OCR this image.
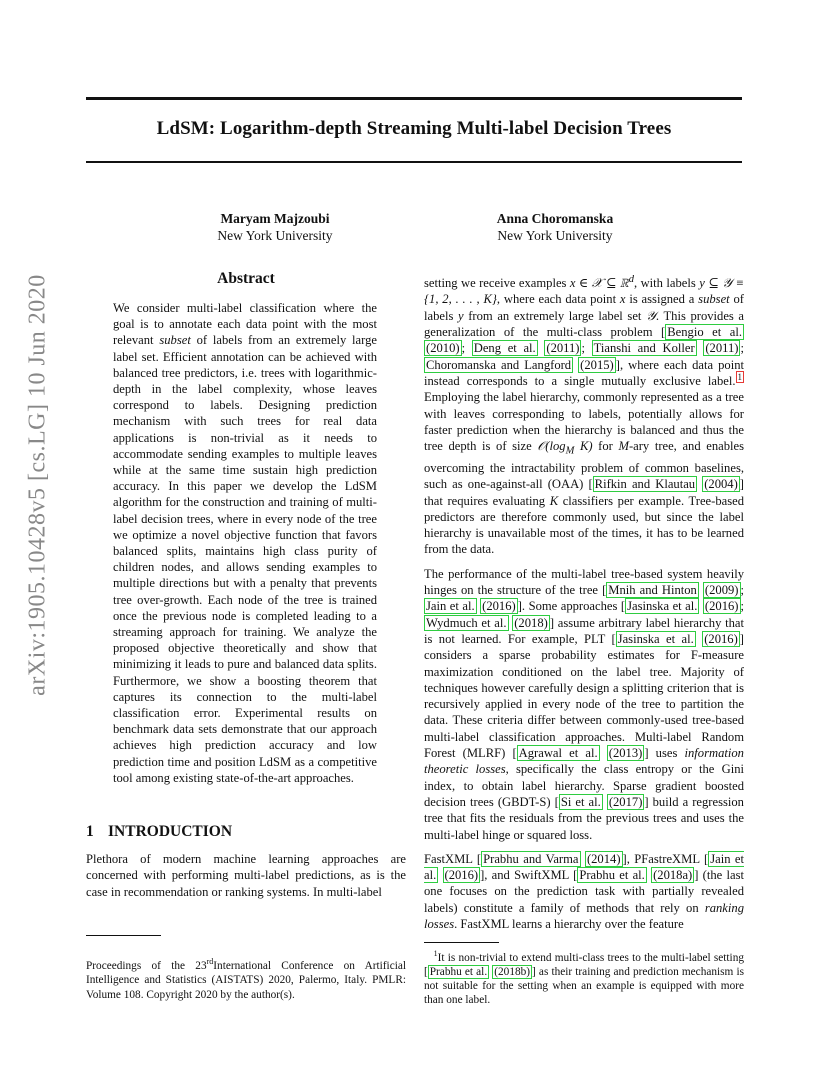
LdSM: Logarithm-depth Streaming Multi-label Decision Trees
Maryam Majzoubi
New York University
Anna Choromanska
New York University
arXiv:1905.10428v5 [cs.LG] 10 Jun 2020	Abstract
We consider multi-label classification where the goal is to annotate each data point with the most relevant subset of labels from an extremely large label set. Efficient annotation can be achieved with balanced tree predictors, i.e. trees with logarithmic-depth in the label complexity, whose leaves correspond to labels. Designing prediction mechanism with such trees for real data applications is non-trivial as it needs to accommodate sending examples to multiple leaves while at the same time sustain high prediction accuracy. In this paper we develop the LdSM algorithm for the construction and training of multi-label decision trees, where in every node of the tree we optimize a novel objective function that favors balanced splits, maintains high class purity of children nodes, and allows sending examples to multiple directions but with a penalty that prevents tree over-growth. Each node of the tree is trained once the previous node is completed leading to a streaming approach for training. We analyze the proposed objective theoretically and show that minimizing it leads to pure and balanced data splits. Furthermore, we show a boosting theorem that captures its connection to the multi-label classification error. Experimental results on benchmark data sets demonstrate that our approach achieves high prediction accuracy and low prediction time and position LdSM as a competitive tool among existing state-of-the-art approaches.
1 INTRODUCTION

Plethora of modern machine learning approaches are concerned with performing multi-label predictions, as is the case in recommendation or ranking systems. In multi-label

setting we receive examples x ∈ 𝒳 ⊆ ℝ$^d$, with labels y ⊆ 𝒴 ≡ {1, 2, . . . , K}, where each data point x is assigned a subset of labels y from an extremely large label set 𝒴. This provides a generalization of the multi-class problem [ Bengio et al. (2010) ; Deng et al. (2011) ; Tianshi and Koller (2011) ; Choromanska and Langford (2015) ], where each data point instead corresponds to a single mutually exclusive label. $^1$ Employing the label hierarchy, commonly represented as a tree with leaves corresponding to labels, potentially allows for faster prediction when the hierarchy is balanced and thus the tree depth is of size $𝒪(\log_M$ K) for M-ary tree, and enables overcoming the intractability problem of common baselines, such as one-against-all (OAA) [ Rifkin and Klautau (2004) ] that requires evaluating K classifiers per example. Tree-based predictors are therefore commonly used, but since the label hierarchy is unavailable most of the times, it has to be learned from the data.

The performance of the multi-label tree-based system heavily hinges on the structure of the tree [ Mnih and Hinton (2009) ; Jain et al. (2016) ]. Some approaches [ Jasinska et al. (2016) ; Wydmuch et al. (2018) ] assume arbitrary label hierarchy that is not learned. For example, PLT [ Jasinska et al. (2016) ] considers a sparse probability estimates for F-measure maximization conditioned on the label tree. Majority of techniques however carefully design a splitting criterion that is recursively applied in every node of the tree to partition the data. These criteria differ between commonly-used tree-based multi-label classification approaches. Multi-label Random Forest (MLRF) [ Agrawal et al. (2013) ] uses information theoretic losses, specifically the class entropy or the Gini index, to obtain label hierarchy. Sparse gradient boosted decision trees (GBDT-S) [ Si et al. (2017) ] build a regression tree that fits the residuals from the previous trees and uses the multi-label hinge or squared loss.

FastXML [ Prabhu and Varma (2014) ], PFastreXML [ Jain et al. (2016) ], and SwiftXML [ Prabhu et al. (2018a) ] (the last one focuses on the prediction task with partially revealed labels) constitute a family of methods that rely on ranking losses. FastXML learns a hierarchy over the feature

Proceedings of the 23rdInternational Conference on Artificial Intelligence and Statistics (AISTATS) 2020, Palermo, Italy. PMLR: Volume 108. Copyright 2020 by the author(s).
$^1$It is non-trivial to extend multi-class trees to the multi-label setting [ Prabhu et al. (2018b) ] as their training and prediction mechanism is not suitable for the setting when an example is equipped with more than one label.
